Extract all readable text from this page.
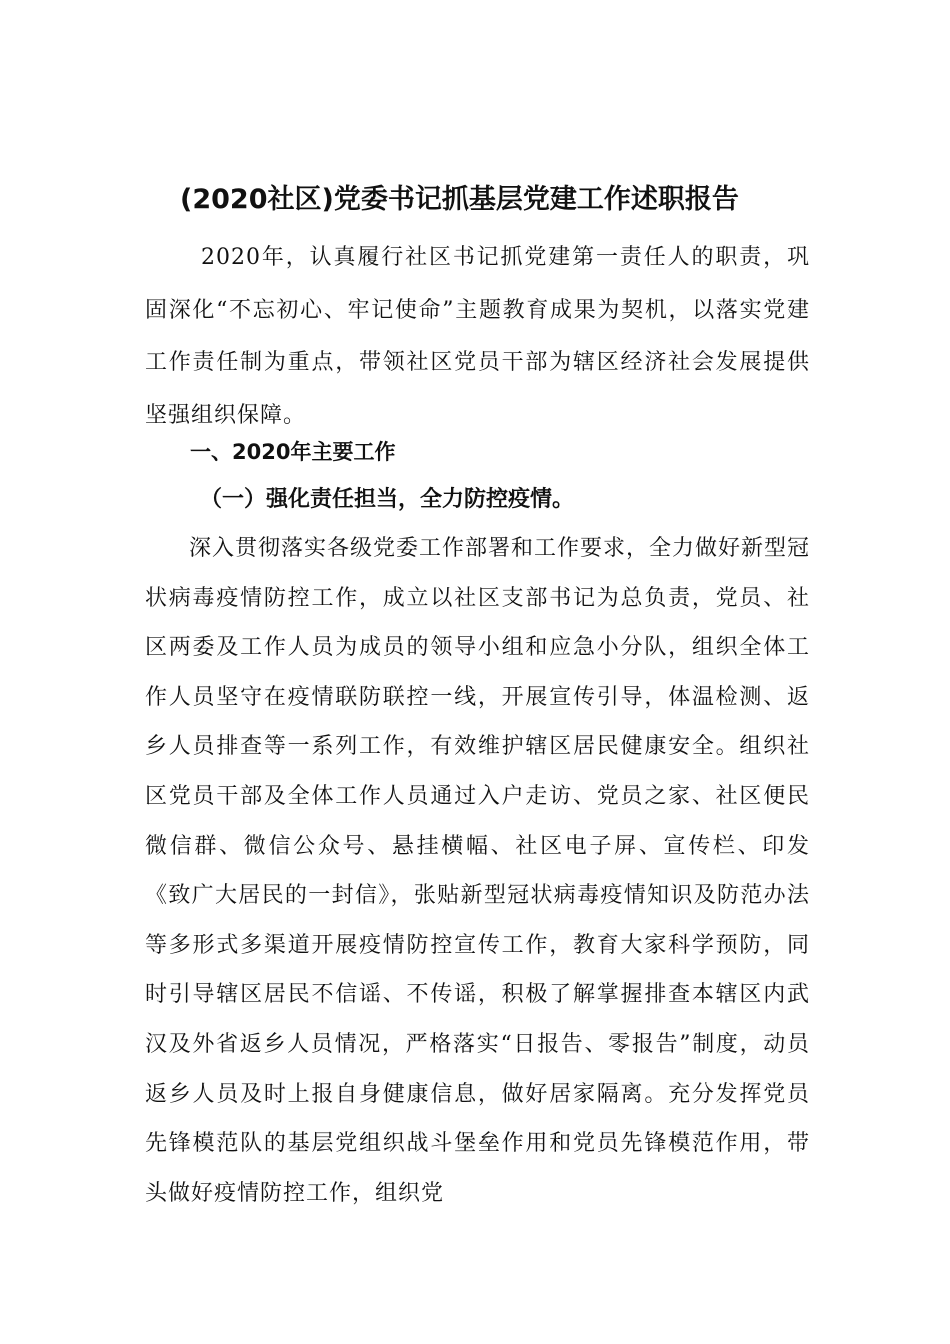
(2020社区)党委书记抓基层党建工作述职报告

2020年，认真履行社区书记抓党建第一责任人的职责，巩固深化“不忘初心、牢记使命”主题教育成果为契机，以落实党建工作责任制为重点，带领社区党员干部为辖区经济社会发展提供坚强组织保障。

一、2020年主要工作
（一）强化责任担当，全力防控疫情。

深入贯彻落实各级党委工作部署和工作要求，全力做好新型冠状病毒疫情防控工作，成立以社区支部书记为总负责，党员、社区两委及工作人员为成员的领导小组和应急小分队，组织全体工作人员坚守在疫情联防联控一线，开展宣传引导，体温检测、返乡人员排查等一系列工作，有效维护辖区居民健康安全。组织社区党员干部及全体工作人员通过入户走访、党员之家、社区便民微信群、微信公众号、悬挂横幅、社区电子屏、宣传栏、印发《致广大居民的一封信》，张贴新型冠状病毒疫情知识及防范办法等多形式多渠道开展疫情防控宣传工作，教育大家科学预防，同时引导辖区居民不信谣、不传谣，积极了解掌握排查本辖区内武汉及外省返乡人员情况，严格落实“日报告、零报告”制度，动员返乡人员及时上报自身健康信息，做好居家隔离。充分发挥党员先锋模范队的基层党组织战斗堡垒作用和党员先锋模范作用，带头做好疫情防控工作，组织党
